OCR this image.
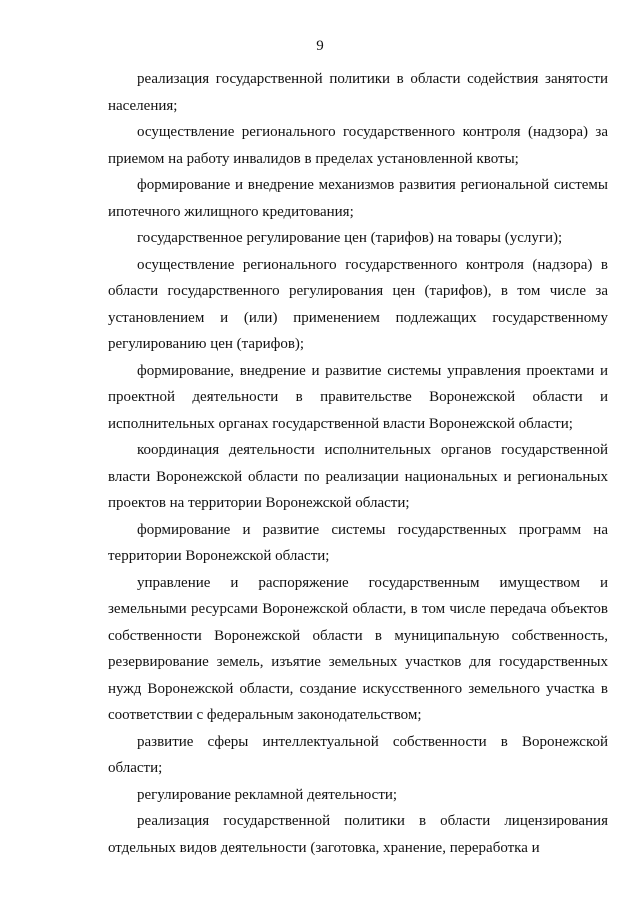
9

реализация государственной политики в области содействия занятости населения;

осуществление регионального государственного контроля (надзора) за приемом на работу инвалидов в пределах установленной квоты;

формирование и внедрение механизмов развития региональной системы ипотечного жилищного кредитования;

государственное регулирование цен (тарифов) на товары (услуги);

осуществление регионального государственного контроля (надзора) в области государственного регулирования цен (тарифов), в том числе за установлением и (или) применением подлежащих государственному регулированию цен (тарифов);

формирование, внедрение и развитие системы управления проектами и проектной деятельности в правительстве Воронежской области и исполнительных органах государственной власти Воронежской области;

координация деятельности исполнительных органов государственной власти Воронежской области по реализации национальных и региональных проектов на территории Воронежской области;

формирование и развитие системы государственных программ на территории Воронежской области;

управление и распоряжение государственным имуществом и земельными ресурсами Воронежской области, в том числе передача объектов собственности Воронежской области в муниципальную собственность, резервирование земель, изъятие земельных участков для государственных нужд Воронежской области, создание искусственного земельного участка в соответствии с федеральным законодательством;

развитие сферы интеллектуальной собственности в Воронежской области;

регулирование рекламной деятельности;

реализация государственной политики в области лицензирования отдельных видов деятельности (заготовка, хранение, переработка и
